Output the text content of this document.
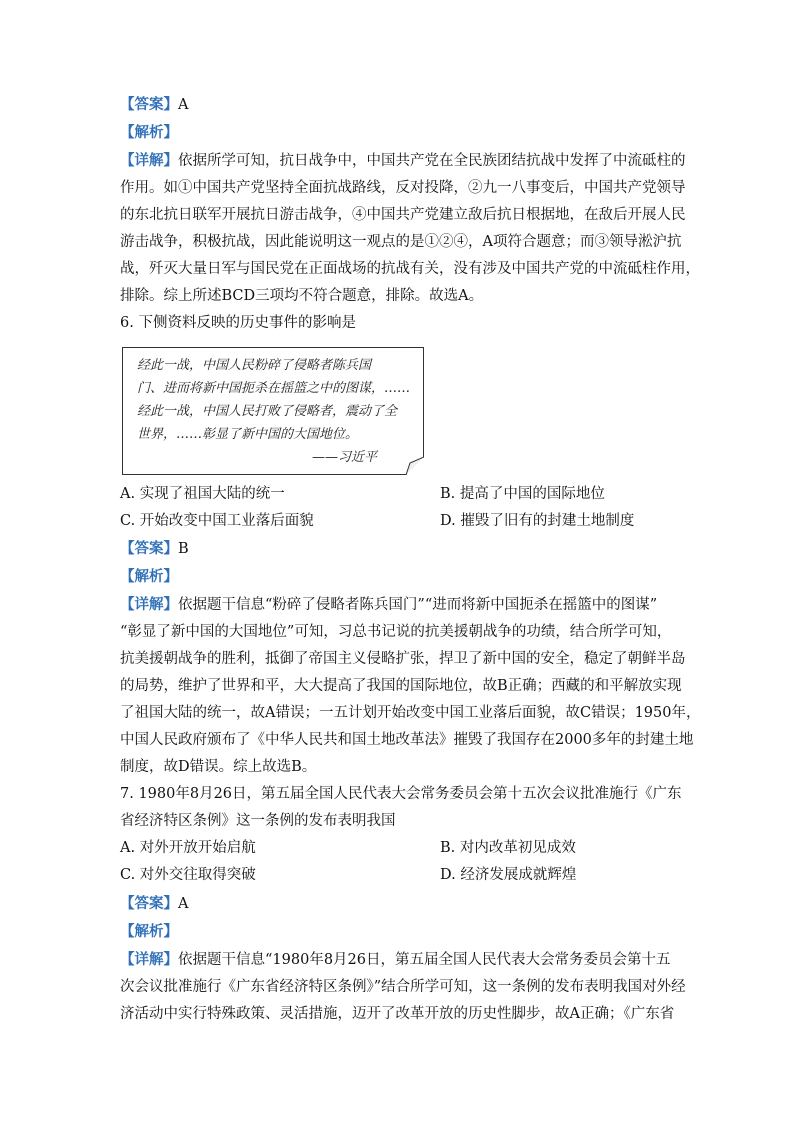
【答案】A
【解析】
【详解】依据所学可知，抗日战争中，中国共产党在全民族团结抗战中发挥了中流砥柱的
作用。如①中国共产党坚持全面抗战路线，反对投降，②九一八事变后，中国共产党领导
的东北抗日联军开展抗日游击战争，④中国共产党建立敌后抗日根据地，在敌后开展人民
游击战争，积极抗战，因此能说明这一观点的是①②④，A项符合题意；而③领导淞沪抗
战，歼灭大量日军与国民党在正面战场的抗战有关，没有涉及中国共产党的中流砥柱作用，
排除。综上所述BCD三项均不符合题意，排除。故选A。
6. 下侧资料反映的历史事件的影响是
经此一战，中国人民粉碎了侵略者陈兵国
门、进而将新中国扼杀在摇篮之中的图谋，……
经此一战，中国人民打败了侵略者，震动了全
世界，……彰显了新中国的大国地位。
——习近平
A. 实现了祖国大陆的统一	B. 提高了中国的国际地位
C. 开始改变中国工业落后面貌	D. 摧毁了旧有的封建土地制度
【答案】B
【解析】
【详解】依据题干信息“粉碎了侵略者陈兵国门”“进而将新中国扼杀在摇篮中的图谋”
“彰显了新中国的大国地位”可知，习总书记说的抗美援朝战争的功绩，结合所学可知，
抗美援朝战争的胜利，抵御了帝国主义侵略扩张，捍卫了新中国的安全，稳定了朝鲜半岛
的局势，维护了世界和平，大大提高了我国的国际地位，故B正确；西藏的和平解放实现
了祖国大陆的统一，故A错误；一五计划开始改变中国工业落后面貌，故C错误；1950年，
中国人民政府颁布了《中华人民共和国土地改革法》摧毁了我国存在2000多年的封建土地
制度，故D错误。综上故选B。
7. 1980年8月26日，第五届全国人民代表大会常务委员会第十五次会议批准施行《广东
省经济特区条例》这一条例的发布表明我国
A. 对外开放开始启航	B. 对内改革初见成效
C. 对外交往取得突破	D. 经济发展成就辉煌
【答案】A
【解析】
【详解】依据题干信息“1980年8月26日，第五届全国人民代表大会常务委员会第十五
次会议批准施行《广东省经济特区条例》”结合所学可知，这一条例的发布表明我国对外经
济活动中实行特殊政策、灵活措施，迈开了改革开放的历史性脚步，故A正确；《广东省
